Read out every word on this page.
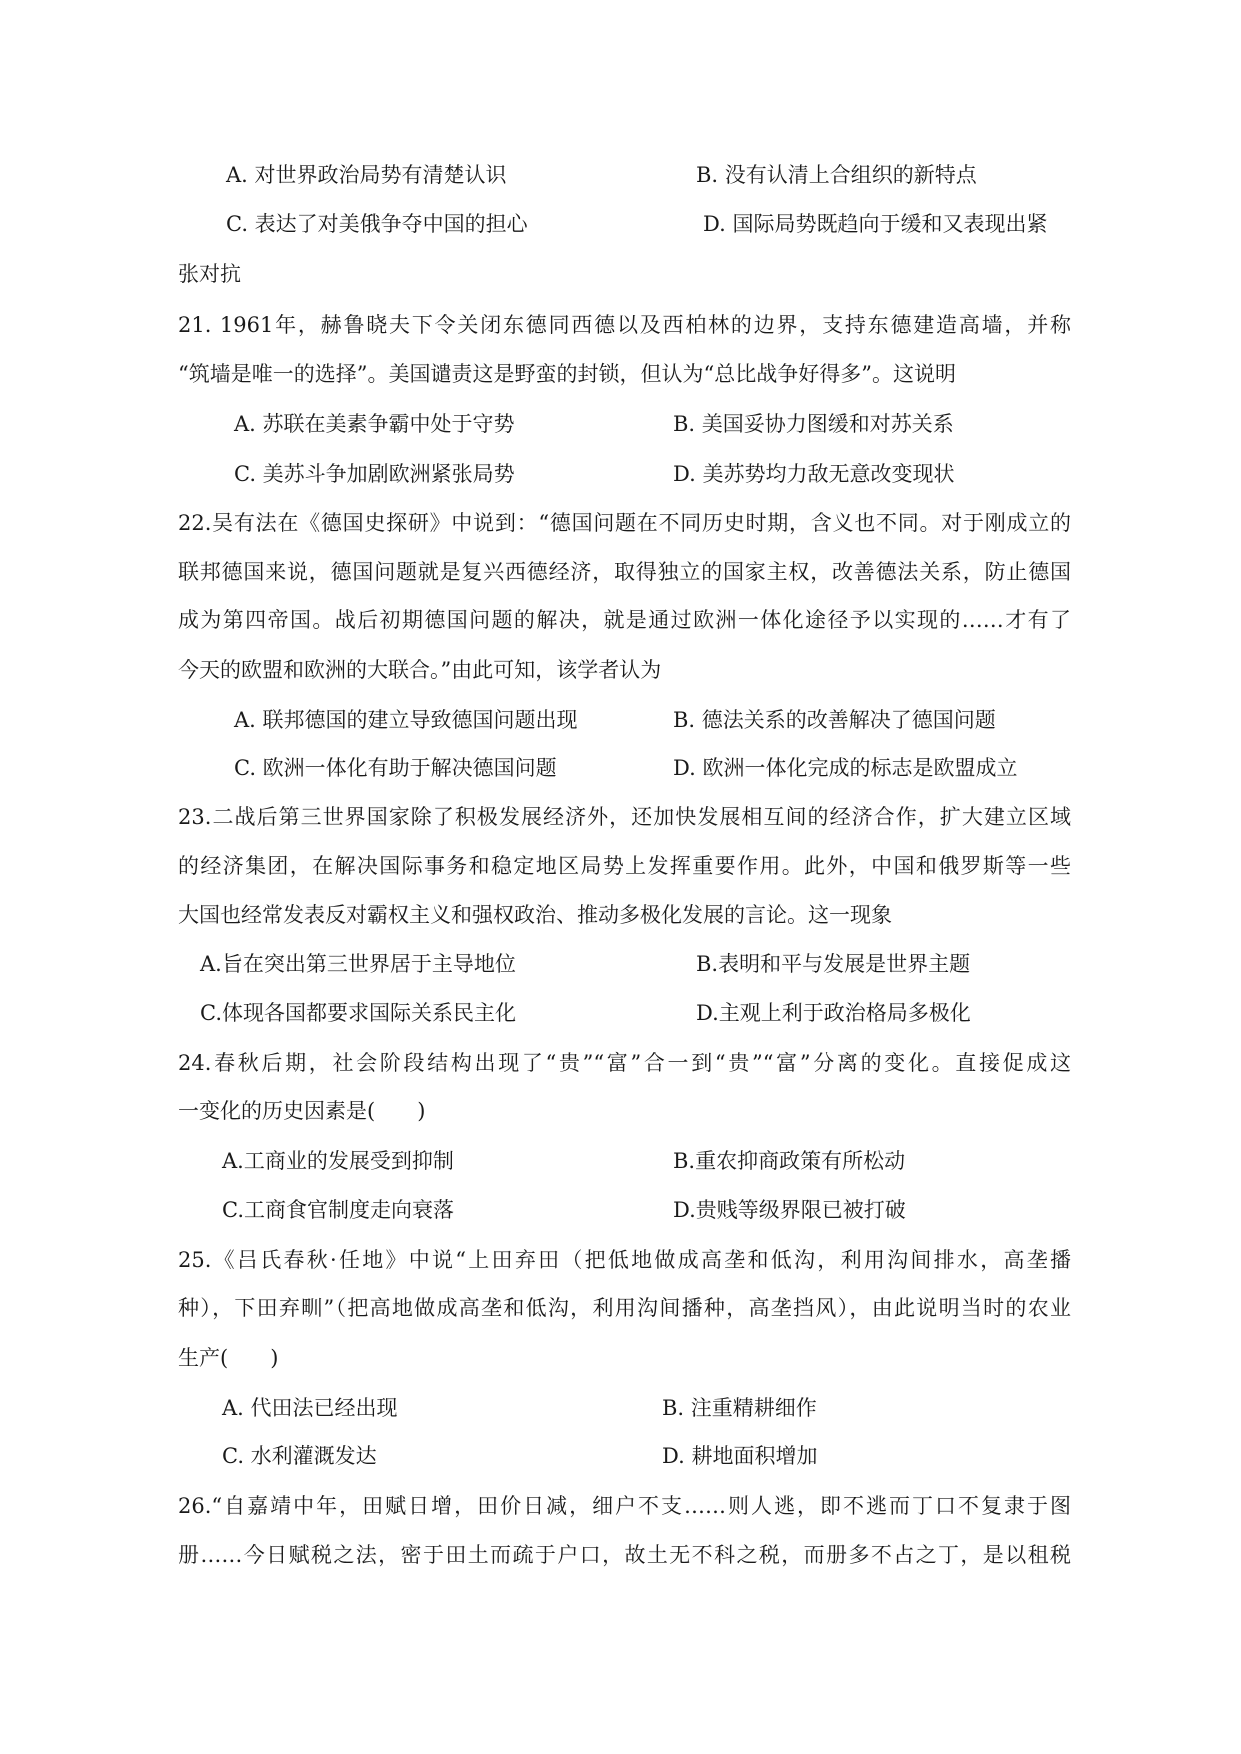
A. 对世界政治局势有清楚认识	B. 没有认清上合组织的新特点
C. 表达了对美俄争夺中国的担心	D. 国际局势既趋向于缓和又表现出紧
张对抗
21. 1961年，赫鲁晓夫下令关闭东德同西德以及西柏林的边界，支持东德建造高墙，并称
“筑墙是唯一的选择”。美国谴责这是野蛮的封锁，但认为“总比战争好得多”。这说明
A. 苏联在美素争霸中处于守势	B. 美国妥协力图缓和对苏关系
C. 美苏斗争加剧欧洲紧张局势	D. 美苏势均力敌无意改变现状
22.吴有法在《德国史探研》中说到：“德国问题在不同历史时期，含义也不同。对于刚成立的
联邦德国来说，德国问题就是复兴西德经济，取得独立的国家主权，改善德法关系，防止德国
成为第四帝国。战后初期德国问题的解决，就是通过欧洲一体化途径予以实现的……才有了
今天的欧盟和欧洲的大联合。”由此可知，该学者认为
A. 联邦德国的建立导致德国问题出现	B. 德法关系的改善解决了德国问题
C. 欧洲一体化有助于解决德国问题	D. 欧洲一体化完成的标志是欧盟成立
23.二战后第三世界国家除了积极发展经济外，还加快发展相互间的经济合作，扩大建立区域
的经济集团，在解决国际事务和稳定地区局势上发挥重要作用。此外，中国和俄罗斯等一些
大国也经常发表反对霸权主义和强权政治、推动多极化发展的言论。这一现象
A.旨在突出第三世界居于主导地位	B.表明和平与发展是世界主题
C.体现各国都要求国际关系民主化	D.主观上利于政治格局多极化
24.春秋后期，社会阶段结构出现了“贵”“富”合一到“贵”“富”分离的变化。直接促成这
一变化的历史因素是(　　)
A.工商业的发展受到抑制	B.重农抑商政策有所松动
C.工商食官制度走向衰落	D.贵贱等级界限已被打破
25.《吕氏春秋·任地》中说“上田弃田（把低地做成高垄和低沟，利用沟间排水，高垄播
种），下田弃甽”（把高地做成高垄和低沟，利用沟间播种，高垄挡风），由此说明当时的农业
生产(　　)
A. 代田法已经出现	B. 注重精耕细作
C. 水利灌溉发达	D. 耕地面积增加
26.“自嘉靖中年，田赋日增，田价日减，细户不支……则人逃，即不逃而丁口不复隶于图
册……今日赋税之法，密于田土而疏于户口，故土无不科之税，而册多不占之丁，是以租税
